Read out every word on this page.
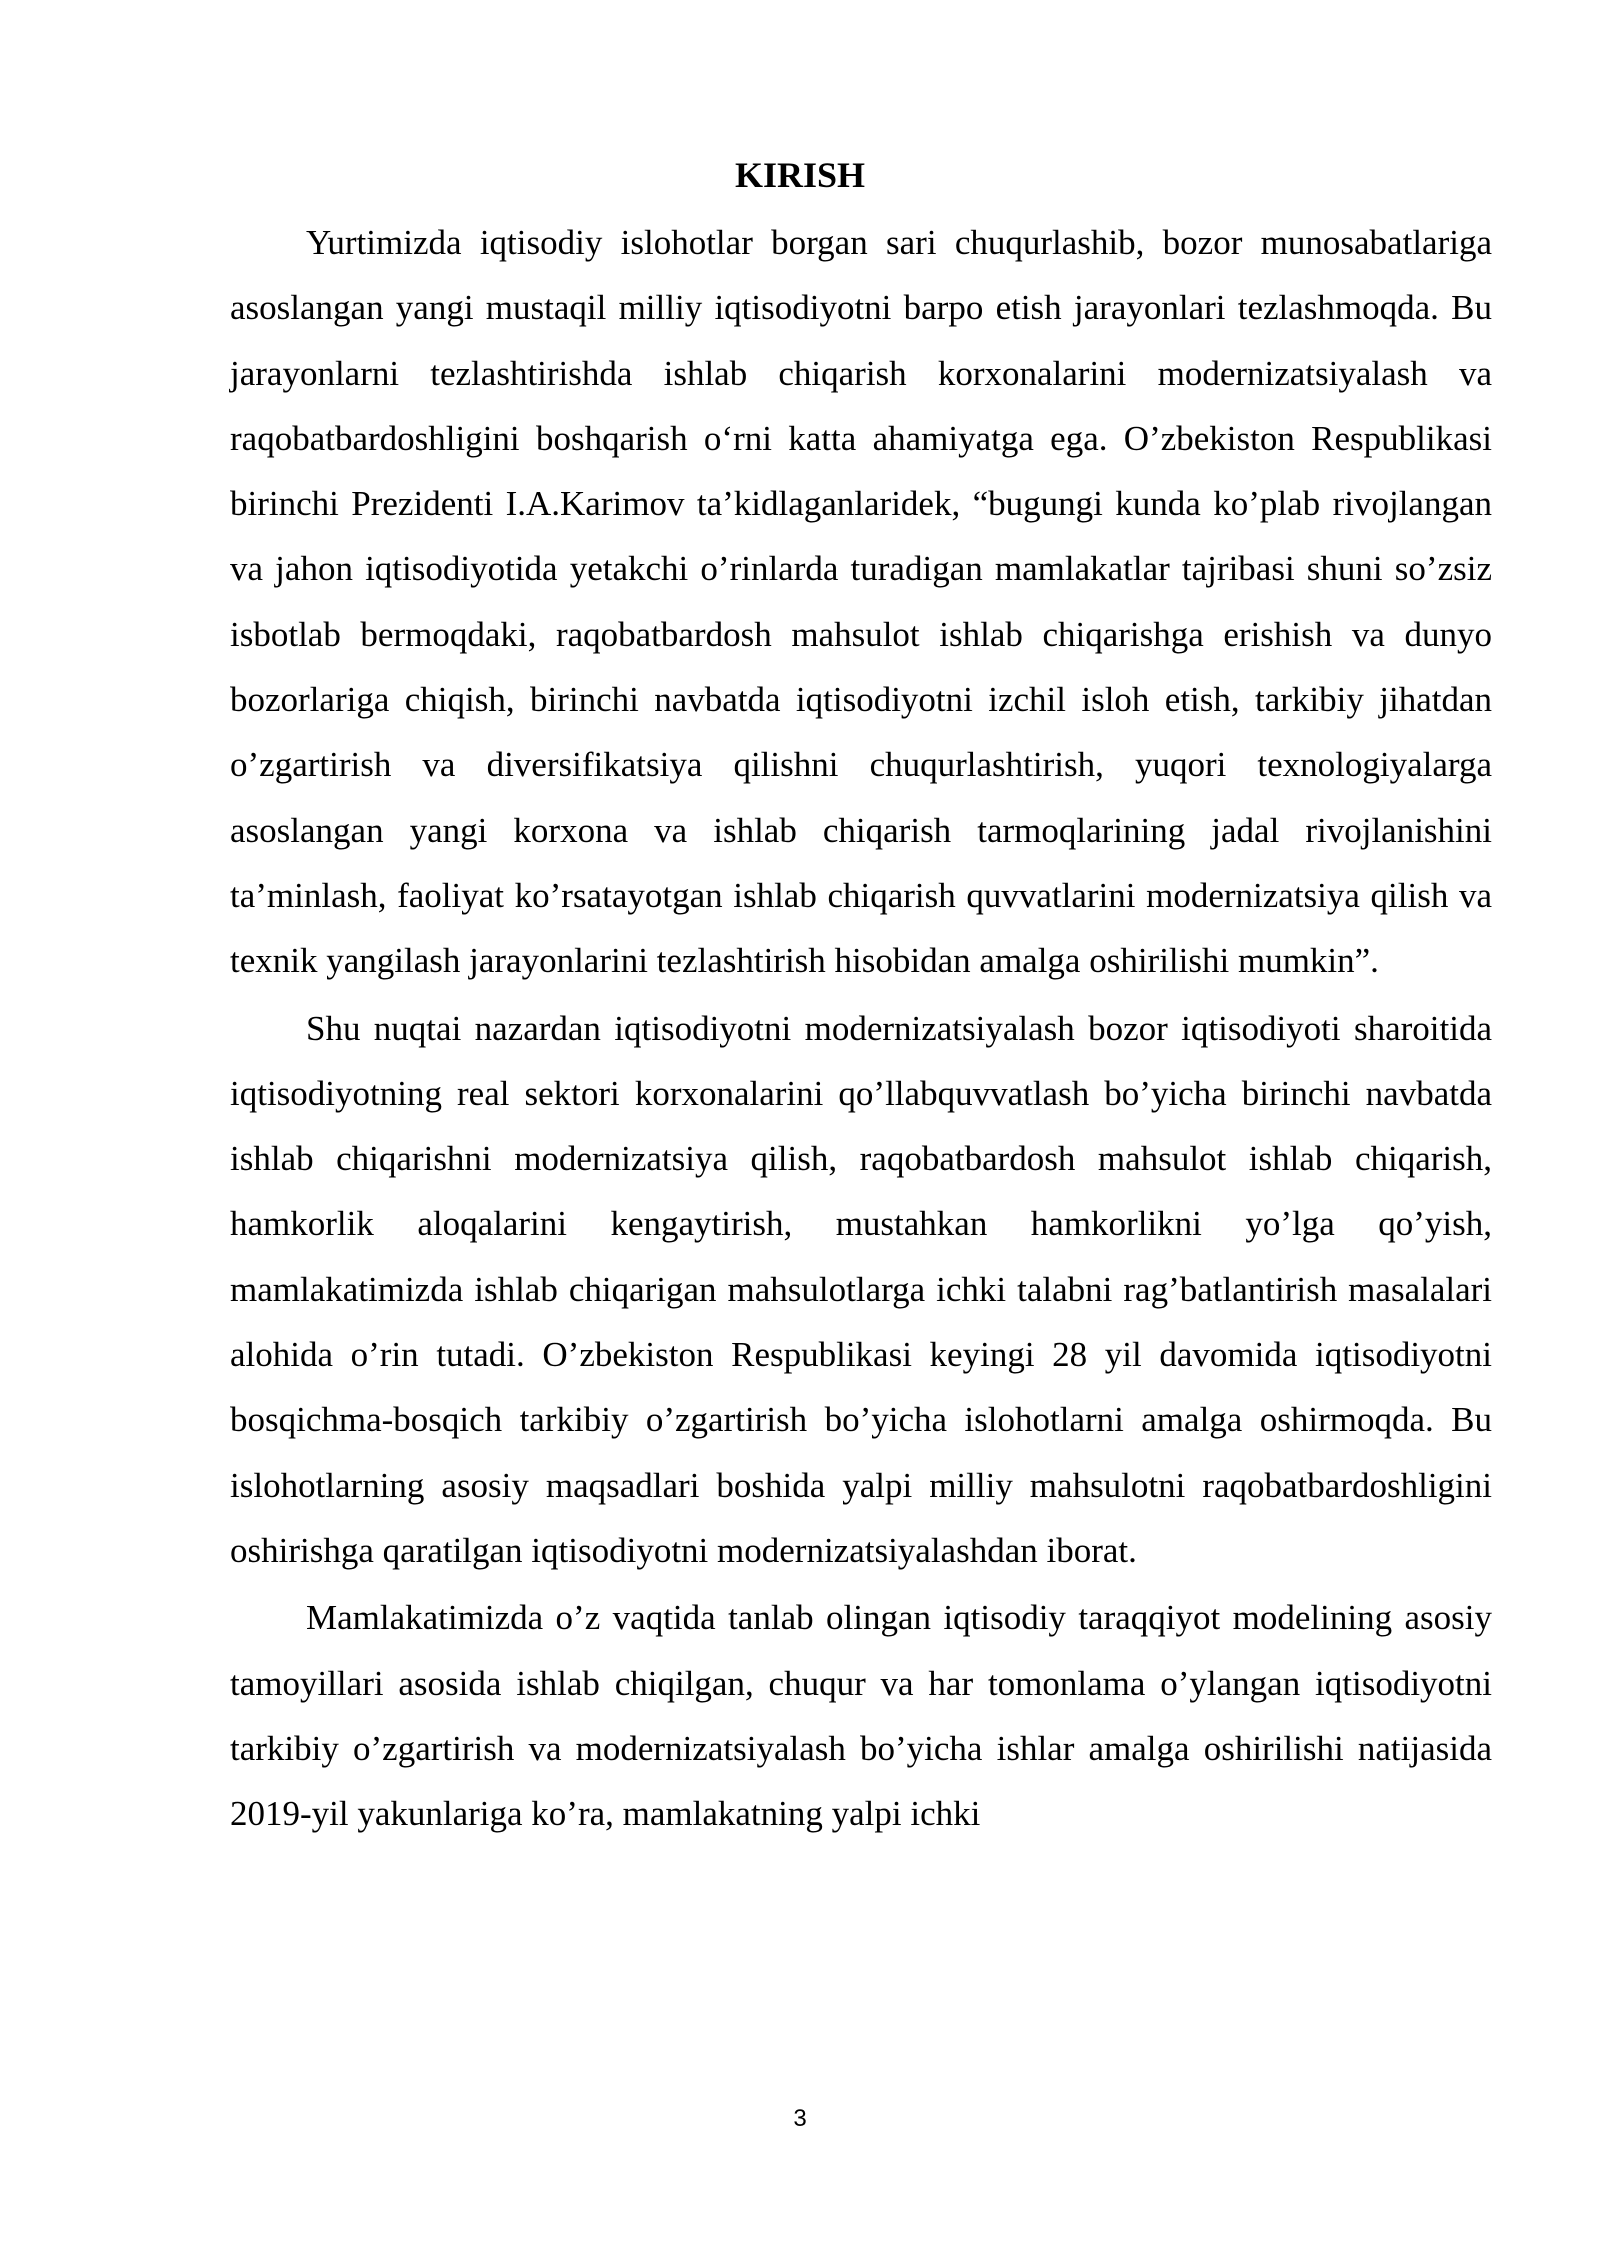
KIRISH

Yurtimizda iqtisodiy islohotlar borgan sari chuqurlashib, bozor munosabatlariga asoslangan yangi mustaqil milliy iqtisodiyotni barpo etish jarayonlari tezlashmoqda. Bu jarayonlarni tezlashtirishda ishlab chiqarish korxonalarini modernizatsiyalash va raqobatbardoshligini boshqarish o‘rni katta ahamiyatga ega. O’zbekiston Respublikasi birinchi Prezidenti I.A.Karimov ta’kidlaganlaridek, “bugungi kunda ko’plab rivojlangan va jahon iqtisodiyotida yetakchi o’rinlarda turadigan mamlakatlar tajribasi shuni so’zsiz isbotlab bermoqdaki, raqobatbardosh mahsulot ishlab chiqarishga erishish va dunyo bozorlariga chiqish, birinchi navbatda iqtisodiyotni izchil isloh etish, tarkibiy jihatdan o’zgartirish va diversifikatsiya qilishni chuqurlashtirish, yuqori texnologiyalarga asoslangan yangi korxona va ishlab chiqarish tarmoqlarining jadal rivojlanishini ta’minlash, faoliyat ko’rsatayotgan ishlab chiqarish quvvatlarini modernizatsiya qilish va texnik yangilash jarayonlarini tezlashtirish hisobidan amalga oshirilishi mumkin”.

Shu nuqtai nazardan iqtisodiyotni modernizatsiyalash bozor iqtisodiyoti sharoitida iqtisodiyotning real sektori korxonalarini qo’llabquvvatlash bo’yicha birinchi navbatda ishlab chiqarishni modernizatsiya qilish, raqobatbardosh mahsulot ishlab chiqarish, hamkorlik aloqalarini kengaytirish, mustahkan hamkorlikni yo’lga qo’yish, mamlakatimizda ishlab chiqarigan mahsulotlarga ichki talabni rag’batlantirish masalalari alohida o’rin tutadi. O’zbekiston Respublikasi keyingi 28 yil davomida iqtisodiyotni bosqichma-bosqich tarkibiy o’zgartirish bo’yicha islohotlarni amalga oshirmoqda. Bu islohotlarning asosiy maqsadlari boshida yalpi milliy mahsulotni raqobatbardoshligini oshirishga qaratilgan iqtisodiyotni modernizatsiyalashdan iborat.

Mamlakatimizda o’z vaqtida tanlab olingan iqtisodiy taraqqiyot modelining asosiy tamoyillari asosida ishlab chiqilgan, chuqur va har tomonlama o’ylangan iqtisodiyotni tarkibiy o’zgartirish va modernizatsiyalash bo’yicha ishlar amalga oshirilishi natijasida 2019-yil yakunlariga ko’ra, mamlakatning yalpi ichki

3
